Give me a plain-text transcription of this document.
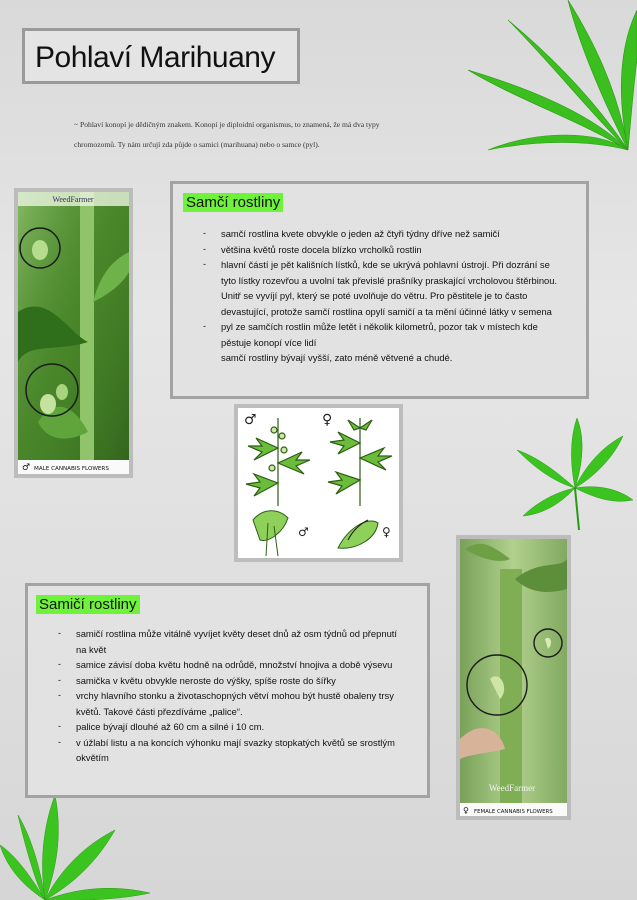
Pohlaví Marihuany
~ Pohlaví konopí je dědičným znakem. Konopí je diploidní organismus, to znamená, že má dva typy
chromozomů. Ty nám určují zda půjde o samici (marihuana) nebo o samce (pyl).
WeedFarmer
♂ MALE CANNABIS FLOWERS
Samčí rostliny
- samčí rostlina kvete obvykle o jeden až čtyři týdny dříve než samičí
- většina květů roste docela blízko vrcholků rostlin
- hlavní částí je pět kališních lístků, kde se ukrývá pohlavní ústrojí. Při dozrání se tyto lístky rozevřou a uvolní tak převislé prašníky praskající vrcholovou štěrbinou. Unitř se vyvíjí pyl, který se poté uvolňuje do větru. Pro pěstitele je to často devastující, protože samčí rostlina opylí samičí a ta mění účinné látky v semena
- pyl ze samčích rostlin může letět i několik kilometrů, pozor tak v místech kde pěstuje konopí více lidí
samčí rostliny bývají vyšší, zato méně větvené a chudé.
♂	♀
♂	♀
WeedFarmer
♀ FEMALE CANNABIS FLOWERS
Samičí rostliny
- samičí rostlina může vitálně vyvíjet květy deset dnů až osm týdnů od přepnutí na květ
- samice závisí doba květu hodně na odrůdě, množství hnojiva a době výsevu
- samička v květu obvykle neroste do výšky, spíše roste do šířky
- vrchy hlavního stonku a životaschopných větví mohou být hustě obaleny trsy květů. Takové části přezdíváme „palice“.
- palice bývají dlouhé až 60 cm a silné i 10 cm.
- v úžlabí listu a na koncích výhonku mají svazky stopkatých květů se srostlým okvětím
